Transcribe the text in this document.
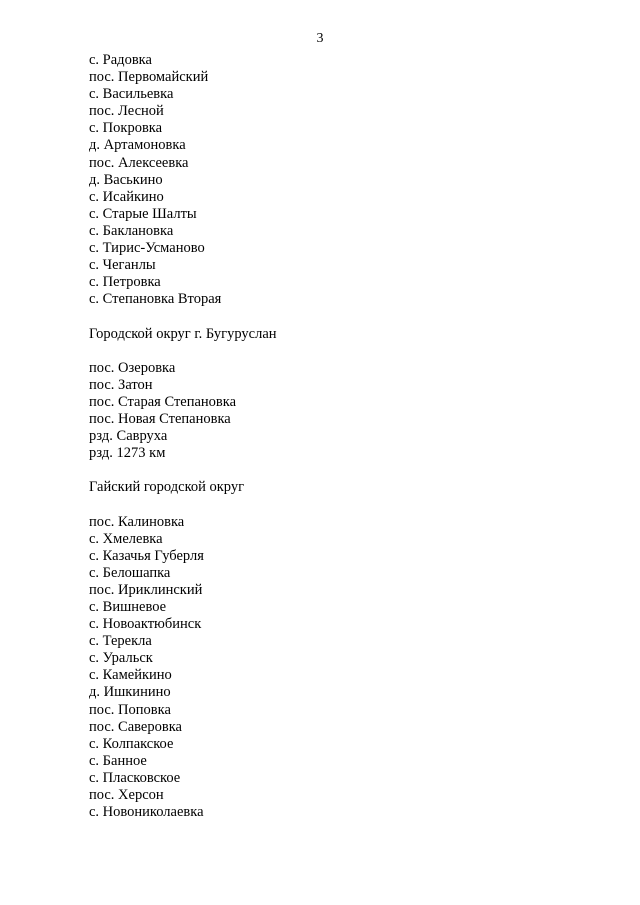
3
с. Радовка
пос. Первомайский
с. Васильевка
пос. Лесной
с. Покровка
д. Артамоновка
пос. Алексеевка
д. Васькино
с. Исайкино
с. Старые Шалты
с. Баклановка
с. Тирис-Усманово
с. Чеганлы
с. Петровка
с. Степановка Вторая
Городской округ г. Бугуруслан
пос. Озеровка
пос. Затон
пос. Старая Степановка
пос. Новая Степановка
рзд. Савруха
рзд. 1273 км
Гайский городской округ
пос. Калиновка
с. Хмелевка
с. Казачья Губерля
с. Белошапка
пос. Ириклинский
с. Вишневое
с. Новоактюбинск
с. Терекла
с. Уральск
с. Камейкино
д. Ишкинино
пос. Поповка
пос. Саверовка
с. Колпакское
с. Банное
с. Пласковское
пос. Херсон
с. Новониколаевка
